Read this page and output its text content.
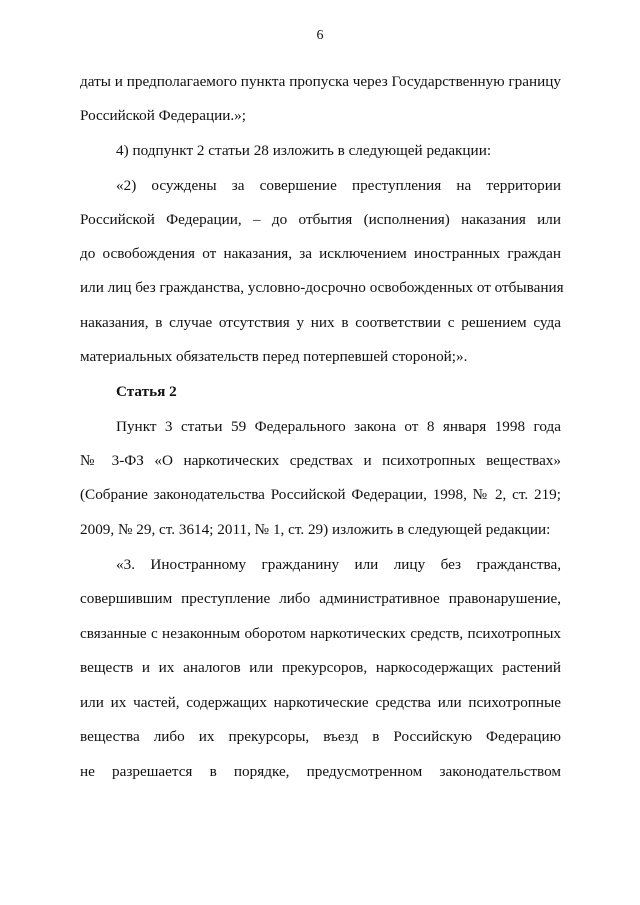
6
даты и предполагаемого пункта пропуска через Государственную границу
Российской Федерации.»;
4) подпункт 2 статьи 28 изложить в следующей редакции:
«2) осуждены за совершение преступления на территории
Российской Федерации, – до отбытия (исполнения) наказания или
до освобождения от наказания, за исключением иностранных граждан
или лиц без гражданства, условно-досрочно освобожденных от отбывания
наказания, в случае отсутствия у них в соответствии с решением суда
материальных обязательств перед потерпевшей стороной;».
Статья 2
Пункт 3 статьи 59 Федерального закона от 8 января 1998 года
№ 3-ФЗ «О наркотических средствах и психотропных веществах»
(Собрание законодательства Российской Федерации, 1998, № 2, ст. 219;
2009, № 29, ст. 3614; 2011, № 1, ст. 29) изложить в следующей редакции:
«3. Иностранному гражданину или лицу без гражданства,
совершившим преступление либо административное правонарушение,
связанные с незаконным оборотом наркотических средств, психотропных
веществ и их аналогов или прекурсоров, наркосодержащих растений
или их частей, содержащих наркотические средства или психотропные
вещества либо их прекурсоры, въезд в Российскую Федерацию
не разрешается в порядке, предусмотренном законодательством
